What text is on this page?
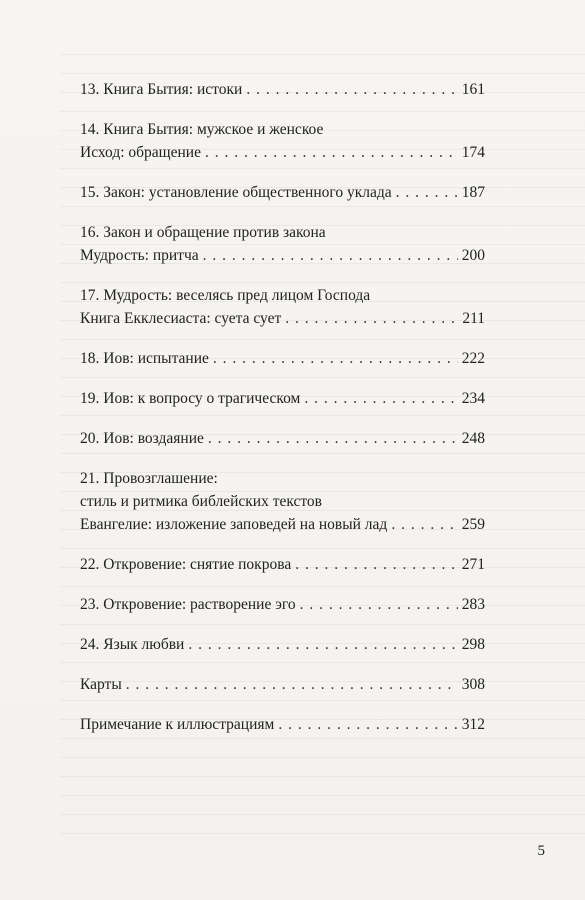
13. Книга Бытия: истоки . . .	161
14. Книга Бытия: мужское и женское
Исход: обращение . . .	174
15. Закон: установление общественного уклада . . .	187
16. Закон и обращение против закона
Мудрость: притча . . .	200
17. Мудрость: веселясь пред лицом Господа
Книга Екклесиаста: суета сует . . .	211
18. Иов: испытание . . .	222
19. Иов: к вопросу о трагическом . . .	234
20. Иов: воздаяние . . .	248
21. Провозглашение:
стиль и ритмика библейских текстов
Евангелие: изложение заповедей на новый лад . . .	259
22. Откровение: снятие покрова . . .	271
23. Откровение: растворение эго . . .	283
24. Язык любви . . .	298
Карты . . .	308
Примечание к иллюстрациям . . .	312
5
